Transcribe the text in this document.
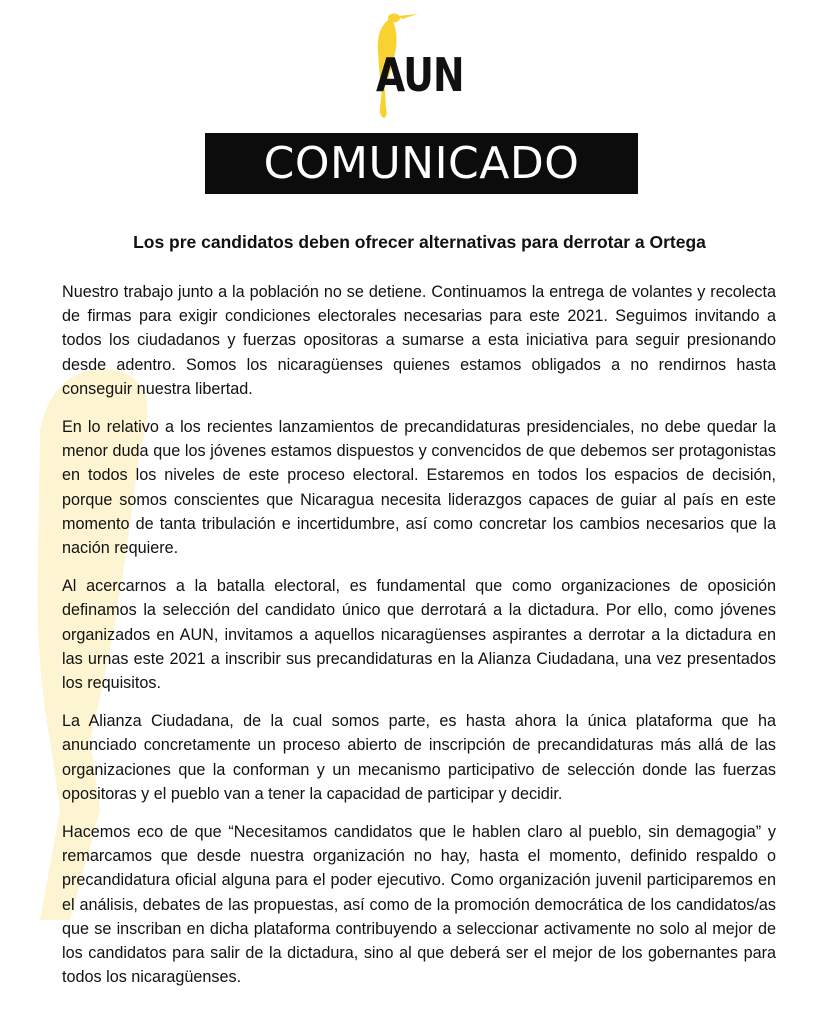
AUN
COMUNICADO
Los pre candidatos deben ofrecer alternativas para derrotar a Ortega

Nuestro trabajo junto a la población no se detiene. Continuamos la entrega de volantes y recolecta de firmas para exigir condiciones electorales necesarias para este 2021. Seguimos invitando a todos los ciudadanos y fuerzas opositoras a sumarse a esta iniciativa para seguir presionando desde adentro. Somos los nicaragüenses quienes estamos obligados a no rendirnos hasta conseguir nuestra libertad.

En lo relativo a los recientes lanzamientos de precandidaturas presidenciales, no debe quedar la menor duda que los jóvenes estamos dispuestos y convencidos de que debemos ser protagonistas en todos los niveles de este proceso electoral. Estaremos en todos los espacios de decisión, porque somos conscientes que Nicaragua necesita liderazgos capaces de guiar al país en este momento de tanta tribulación e incertidumbre, así como concretar los cambios necesarios que la nación requiere.

Al acercarnos a la batalla electoral, es fundamental que como organizaciones de oposición definamos la selección del candidato único que derrotará a la dictadura. Por ello, como jóvenes organizados en AUN, invitamos a aquellos nicaragüenses aspirantes a derrotar a la dictadura en las urnas este 2021 a inscribir sus precandidaturas en la Alianza Ciudadana, una vez presentados los requisitos.

La Alianza Ciudadana, de la cual somos parte, es hasta ahora la única plataforma que ha anunciado concretamente un proceso abierto de inscripción de precandidaturas más allá de las organizaciones que la conforman y un mecanismo participativo de selección donde las fuerzas opositoras y el pueblo van a tener la capacidad de participar y decidir.

Hacemos eco de que “Necesitamos candidatos que le hablen claro al pueblo, sin demagogia” y remarcamos que desde nuestra organización no hay, hasta el momento, definido respaldo o precandidatura oficial alguna para el poder ejecutivo. Como organización juvenil participaremos en el análisis, debates de las propuestas, así como de la promoción democrática de los candidatos/as que se inscriban en dicha plataforma contribuyendo a seleccionar activamente no solo al mejor de los candidatos para salir de la dictadura, sino al que deberá ser el mejor de los gobernantes para todos los nicaragüenses.
